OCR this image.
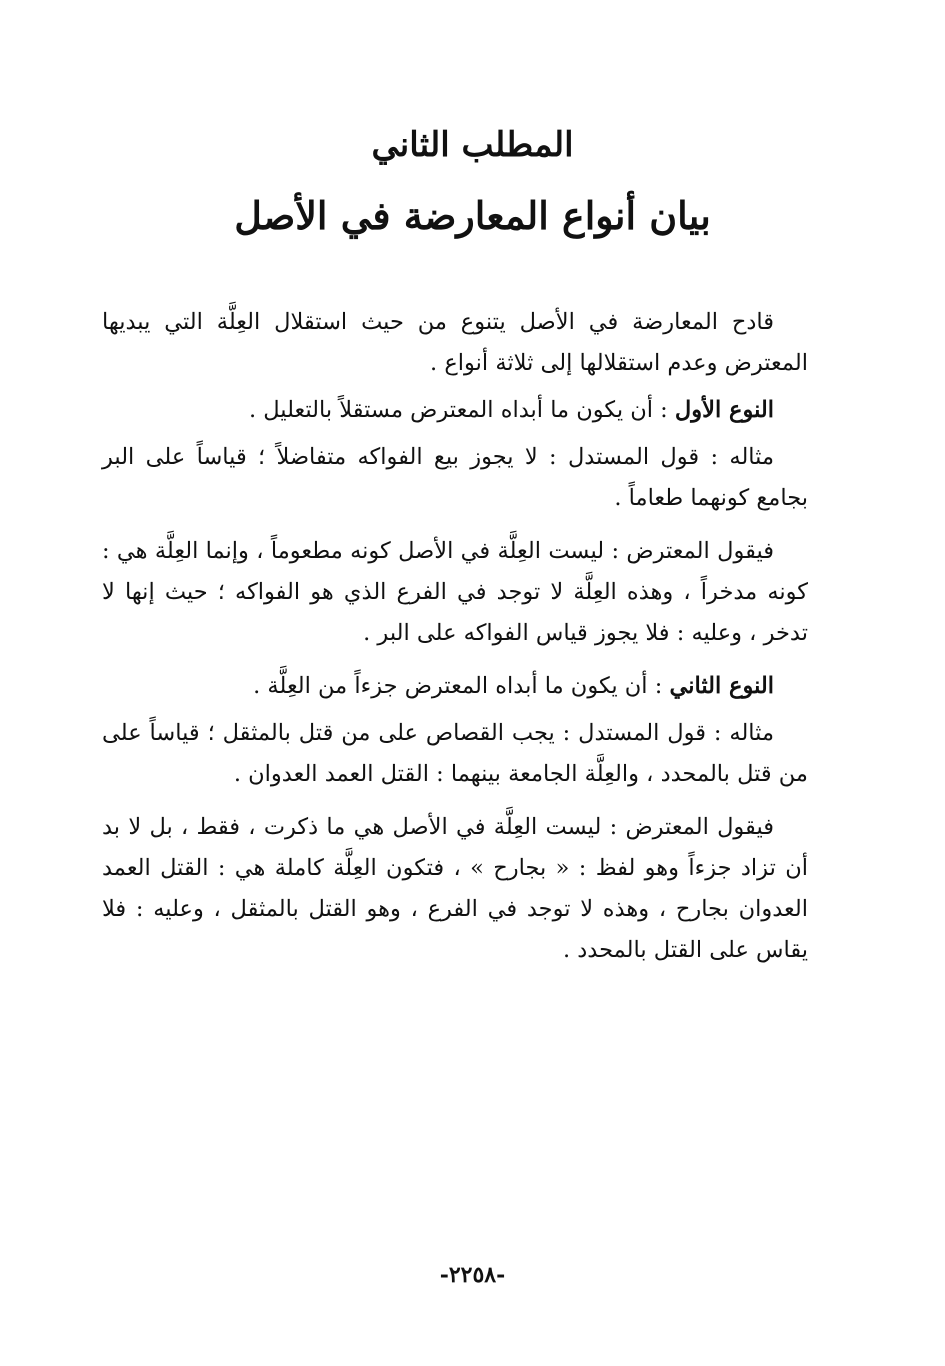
المطلب الثاني
بيان أنواع المعارضة في الأصل

قادح المعارضة في الأصل يتنوع من حيث استقلال العِلَّة التي يبديها المعترض وعدم استقلالها إلى ثلاثة أنواع .

النوع الأول : أن يكون ما أبداه المعترض مستقلاً بالتعليل .

مثاله : قول المستدل : لا يجوز بيع الفواكه متفاضلاً ؛ قياساً على البر بجامع كونهما طعاماً .

فيقول المعترض : ليست العِلَّة في الأصل كونه مطعوماً ، وإنما العِلَّة هي : كونه مدخراً ، وهذه العِلَّة لا توجد في الفرع الذي هو الفواكه ؛ حيث إنها لا تدخر ، وعليه : فلا يجوز قياس الفواكه على البر .

النوع الثاني : أن يكون ما أبداه المعترض جزءاً من العِلَّة .

مثاله : قول المستدل : يجب القصاص على من قتل بالمثقل ؛ قياساً على من قتل بالمحدد ، والعِلَّة الجامعة بينهما : القتل العمد العدوان .

فيقول المعترض : ليست العِلَّة في الأصل هي ما ذكرت ، فقط ، بل لا بد أن تزاد جزءاً وهو لفظ : « بجارح » ، فتكون العِلَّة كاملة هي : القتل العمد العدوان بجارح ، وهذه لا توجد في الفرع ، وهو القتل بالمثقل ، وعليه : فلا يقاس على القتل بالمحدد .

-٢٢٥٨-
